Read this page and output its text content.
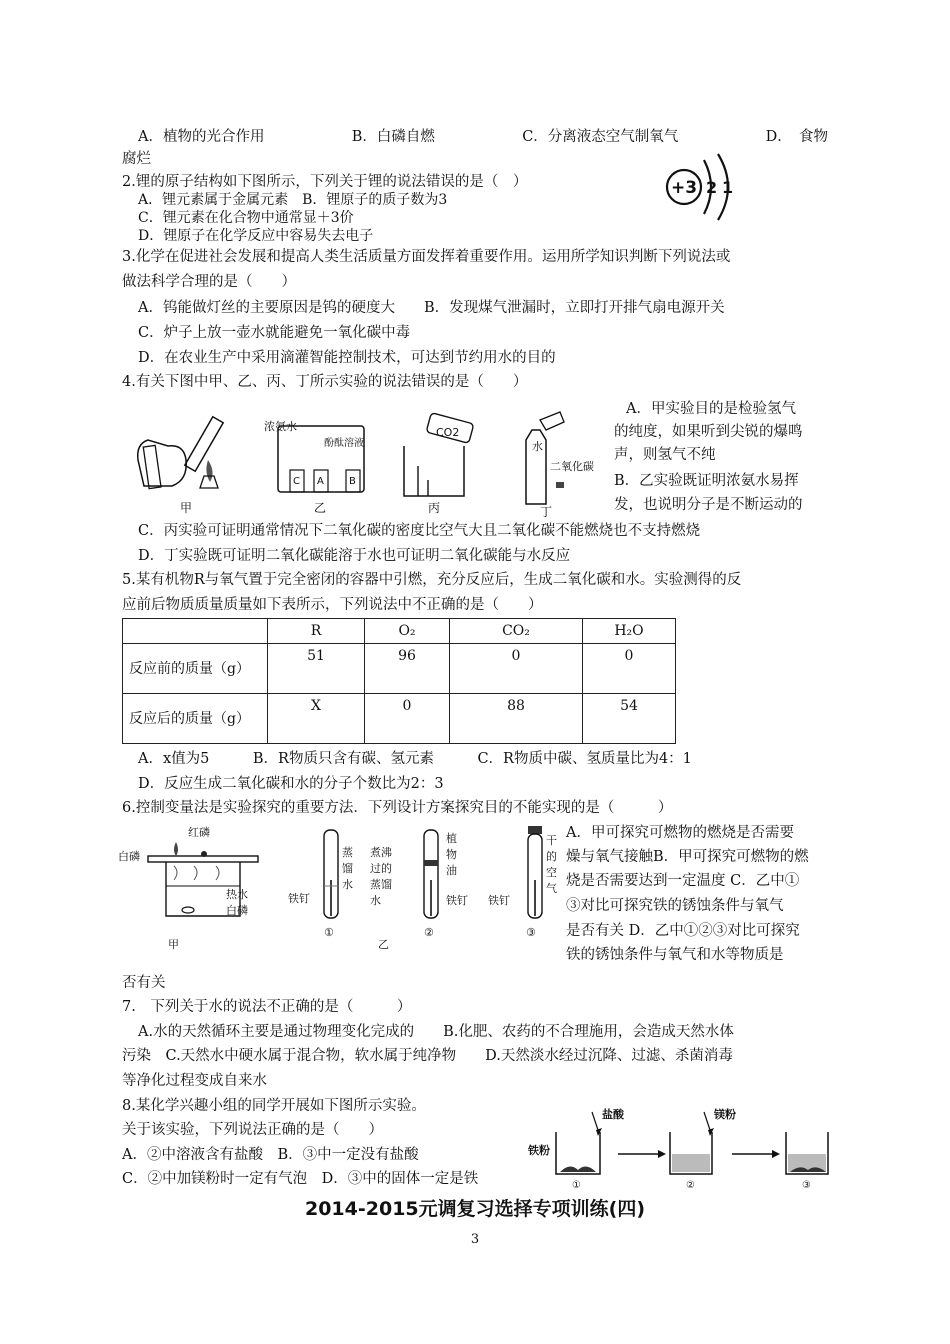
A．植物的光合作用	B．白磷自燃	C．分离液态空气制氧气	D．　食物
腐烂
2.锂的原子结构如下图所示，下列关于锂的说法错误的是（　）
A．锂元素属于金属元素　B．锂原子的质子数为3
C．锂元素在化合物中通常显＋3价
D．锂原子在化学反应中容易失去电子
+3 2 1
3.化学在促进社会发展和提高人类生活质量方面发挥着重要作用。运用所学知识判断下列说法或
做法科学合理的是（　　）
A．钨能做灯丝的主要原因是钨的硬度大　　B．发现煤气泄漏时，立即打开排气扇电源开关
C．炉子上放一壶水就能避免一氧化碳中毒
D．在农业生产中采用滴灌智能控制技术，可达到节约用水的目的
4.有关下图中甲、乙、丙、丁所示实验的说法错误的是（　　）
甲
浓氨水
酚酞溶液
C A	B
乙
CO2
丙
水
二氧化碳
丁
A．甲实验目的是检验氢气
的纯度，如果听到尖锐的爆鸣
声，则氢气不纯
B．乙实验既证明浓氨水易挥
发，也说明分子是不断运动的
C．丙实验可证明通常情况下二氧化碳的密度比空气大且二氧化碳不能燃烧也不支持燃烧
D．丁实验既可证明二氧化碳能溶于水也可证明二氧化碳能与水反应
5.某有机物R与氧气置于完全密闭的容器中引燃，充分反应后，生成二氧化碳和水。实验测得的反
应前后物质质量质量如下表所示，下列说法中不正确的是（　　）
	R	O₂	CO₂	H₂O
反应前的质量（g）	51	96	0	0
反应后的质量（g）	X	0	88	54
A．x值为5　　　B．R物质只含有碳、氢元素　　　C．R物质中碳、氢质量比为4：1
D．反应生成二氧化碳和水的分子个数比为2：3
6.控制变量法是实验探究的重要方法．下列设计方案探究目的不能实现的是（　　　）
红磷
白磷
热水
白磷
甲
铁钉
蒸
馏
水
①
煮沸
过的
蒸馏
水
植
物
油
铁钉
②
乙
铁钉
干
的
空
气
③
A．甲可探究可燃物的燃烧是否需要
燥与氧气接触B．甲可探究可燃物的燃
烧是否需要达到一定温度 C．乙中①
③对比可探究铁的锈蚀条件与氧气
是否有关 D．乙中①②③对比可探究
铁的锈蚀条件与氧气和水等物质是
否有关
7.　下列关于水的说法不正确的是（　　　）
A.水的天然循环主要是通过物理变化完成的　　B.化肥、农药的不合理施用，会造成天然水体
污染　C.天然水中硬水属于混合物，软水属于纯净物　　D.天然淡水经过沉降、过滤、杀菌消毒
等净化过程变成自来水
8.某化学兴趣小组的同学开展如下图所示实验。
关于该实验，下列说法正确的是（　　）
A．②中溶液含有盐酸　B．③中一定没有盐酸
C．②中加镁粉时一定有气泡　D．③中的固体一定是铁
盐酸
铁粉
①
镁粉
②	③
2014-2015元调复习选择专项训练(四)
3
